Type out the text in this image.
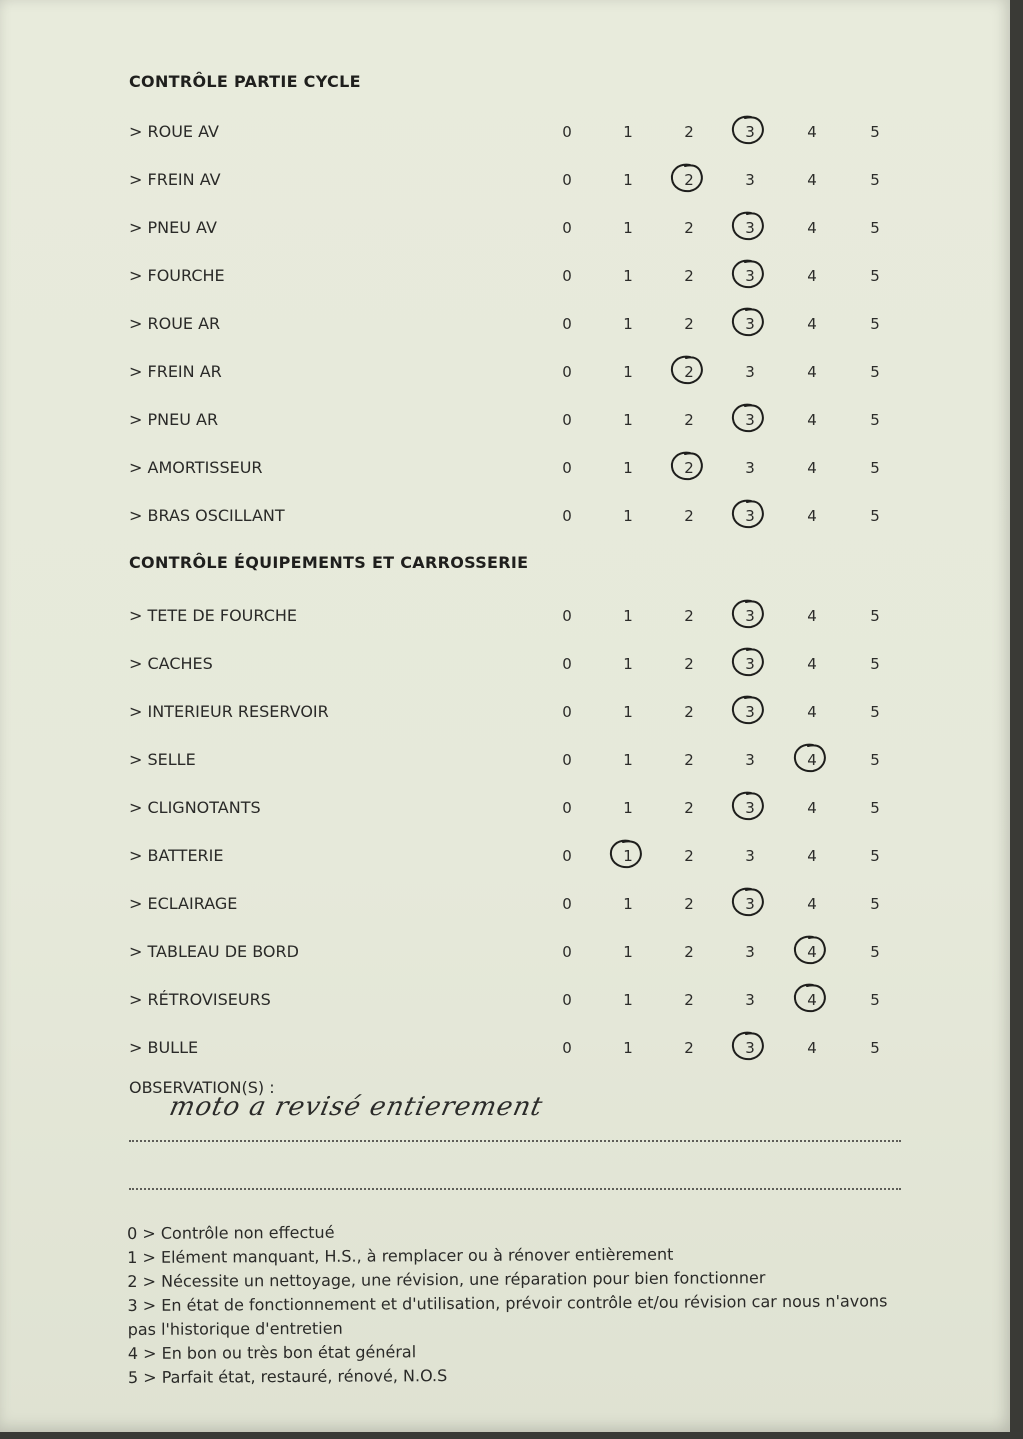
CONTRÔLE PARTIE CYCLE
> ROUE AV	0	1	2	3	4	5
> FREIN AV	0	1	2	3	4	5
> PNEU AV	0	1	2	3	4	5
> FOURCHE	0	1	2	3	4	5
> ROUE AR	0	1	2	3	4	5
> FREIN AR	0	1	2	3	4	5
> PNEU AR	0	1	2	3	4	5
> AMORTISSEUR	0	1	2	3	4	5
> BRAS OSCILLANT	0	1	2	3	4	5
CONTRÔLE ÉQUIPEMENTS ET CARROSSERIE
> TETE DE FOURCHE	0	1	2	3	4	5
> CACHES	0	1	2	3	4	5
> INTERIEUR RESERVOIR	0	1	2	3	4	5
> SELLE	0	1	2	3	4	5
> CLIGNOTANTS	0	1	2	3	4	5
> BATTERIE	0	1	2	3	4	5
> ECLAIRAGE	0	1	2	3	4	5
> TABLEAU DE BORD	0	1	2	3	4	5
> RÉTROVISEURS	0	1	2	3	4	5
> BULLE	0	1	2	3	4	5
OBSERVATION(S) :
moto a revisé entierement
0 > Contrôle non effectué
1 > Elément manquant, H.S., à remplacer ou à rénover entièrement
2 > Nécessite un nettoyage, une révision, une réparation pour bien fonctionner
3 > En état de fonctionnement et d'utilisation, prévoir contrôle et/ou révision car nous n'avons pas l'historique d'entretien
4 > En bon ou très bon état général
5 > Parfait état, restauré, rénové, N.O.S
